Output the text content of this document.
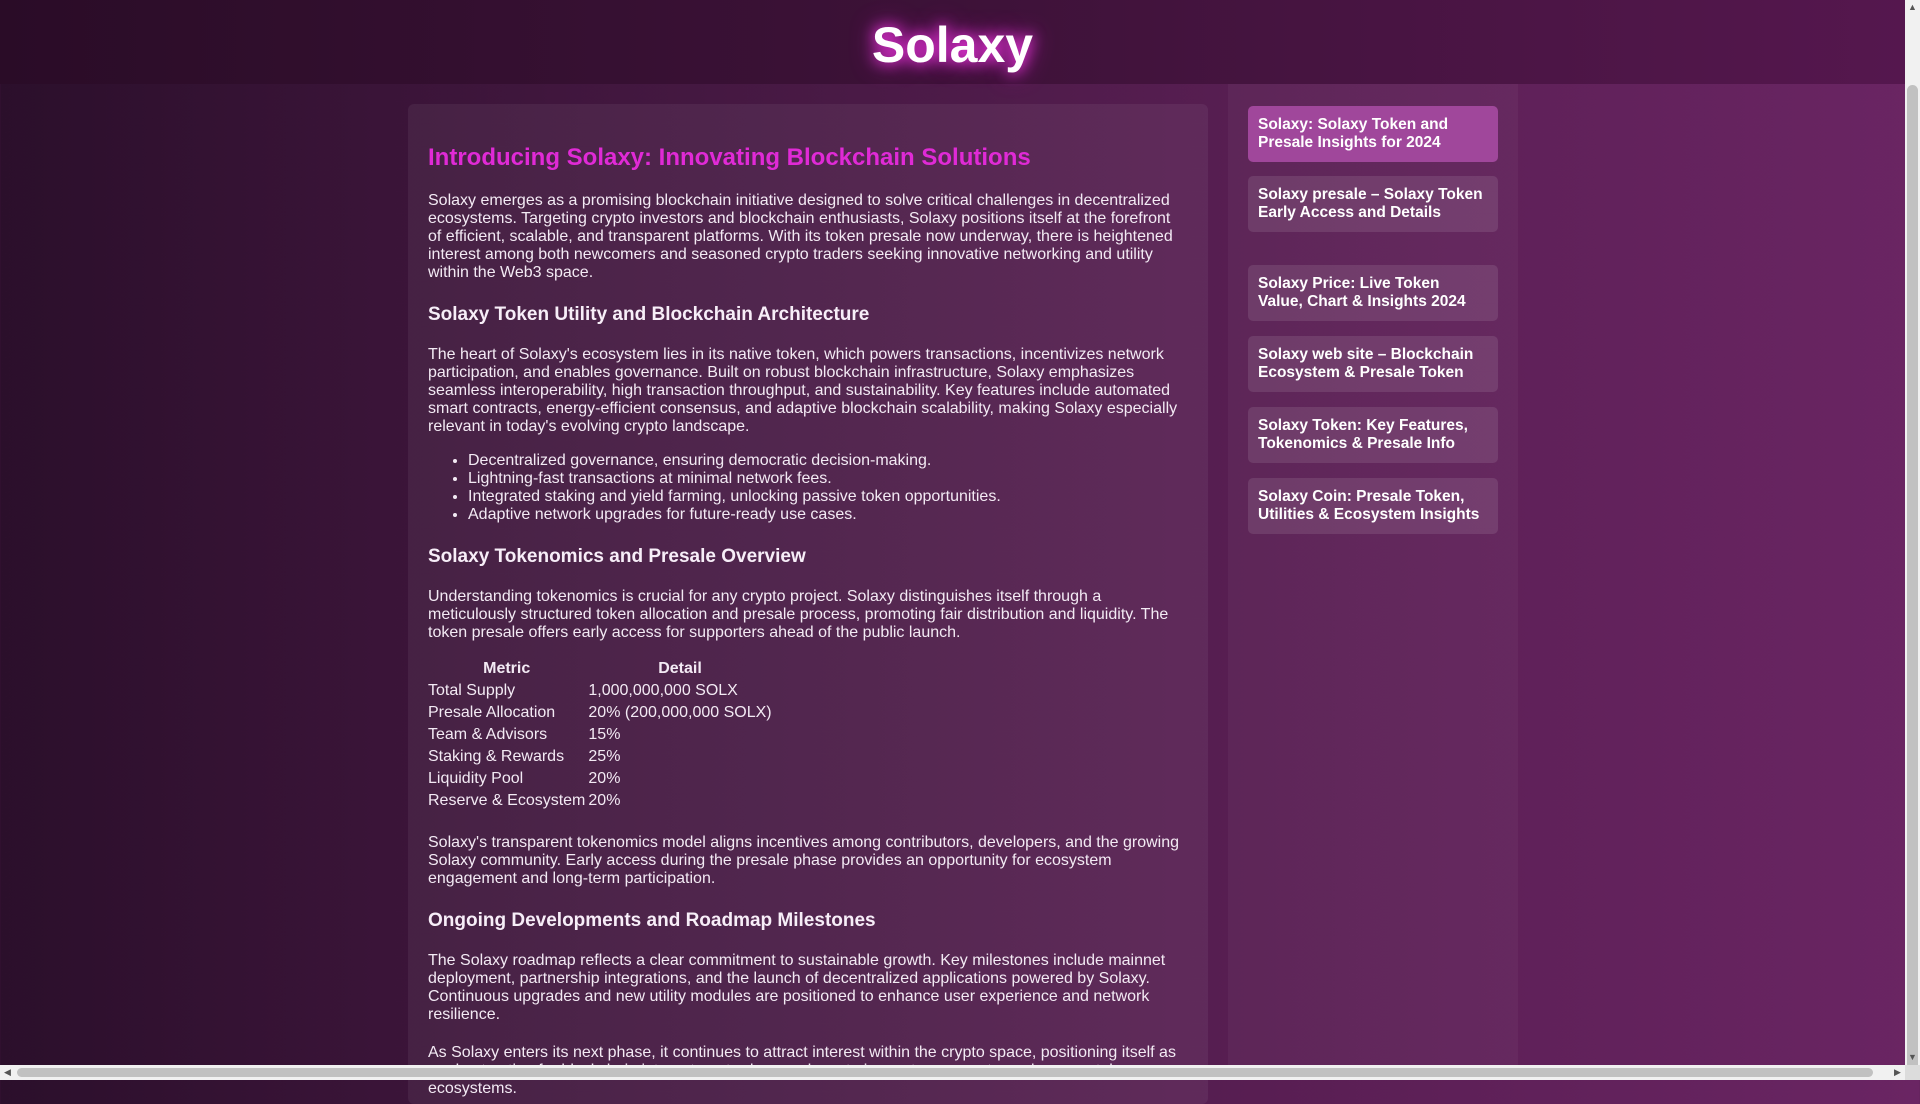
Solaxy
Introducing Solaxy: Innovating Blockchain Solutions

Solaxy emerges as a promising blockchain initiative designed to solve critical challenges in decentralized ecosystems. Targeting crypto investors and blockchain enthusiasts, Solaxy positions itself at the forefront of efficient, scalable, and transparent platforms. With its token presale now underway, there is heightened interest among both newcomers and seasoned crypto traders seeking innovative networking and utility within the Web3 space.

Solaxy Token Utility and Blockchain Architecture

The heart of Solaxy's ecosystem lies in its native token, which powers transactions, incentivizes network participation, and enables governance. Built on robust blockchain infrastructure, Solaxy emphasizes seamless interoperability, high transaction throughput, and sustainability. Key features include automated smart contracts, energy-efficient consensus, and adaptive blockchain scalability, making Solaxy especially relevant in today's evolving crypto landscape.

• Decentralized governance, ensuring democratic decision-making.
• Lightning-fast transactions at minimal network fees.
• Integrated staking and yield farming, unlocking passive token opportunities.
• Adaptive network upgrades for future-ready use cases.
Solaxy Tokenomics and Presale Overview

Understanding tokenomics is crucial for any crypto project. Solaxy distinguishes itself through a meticulously structured token allocation and presale process, promoting fair distribution and liquidity. The token presale offers early access for supporters ahead of the public launch.

Metric	Detail
Total Supply	1,000,000,000 SOLX
Presale Allocation	20% (200,000,000 SOLX)
Team & Advisors	15%
Staking & Rewards	25%
Liquidity Pool	20%
Reserve & Ecosystem	20%

Solaxy's transparent tokenomics model aligns incentives among contributors, developers, and the growing Solaxy community. Early access during the presale phase provides an opportunity for ecosystem engagement and long-term participation.

Ongoing Developments and Roadmap Milestones

The Solaxy roadmap reflects a clear commitment to sustainable growth. Key milestones include mainnet deployment, partnership integrations, and the launch of decentralized applications powered by Solaxy. Continuous upgrades and new utility modules are positioned to enhance user experience and network resilience.

As Solaxy enters its next phase, it continues to attract interest within the crypto space, positioning itself as ecosystems.

Solaxy: Solaxy Token and Presale Insights for 2024
Solaxy presale – Solaxy Token Early Access and Details
Solaxy Price: Live Token Value, Chart & Insights 2024
Solaxy web site – Blockchain Ecosystem & Presale Token
Solaxy Token: Key Features, Tokenomics & Presale Info
Solaxy Coin: Presale Token, Utilities & Ecosystem Insights
▲
▼
◀	▶
